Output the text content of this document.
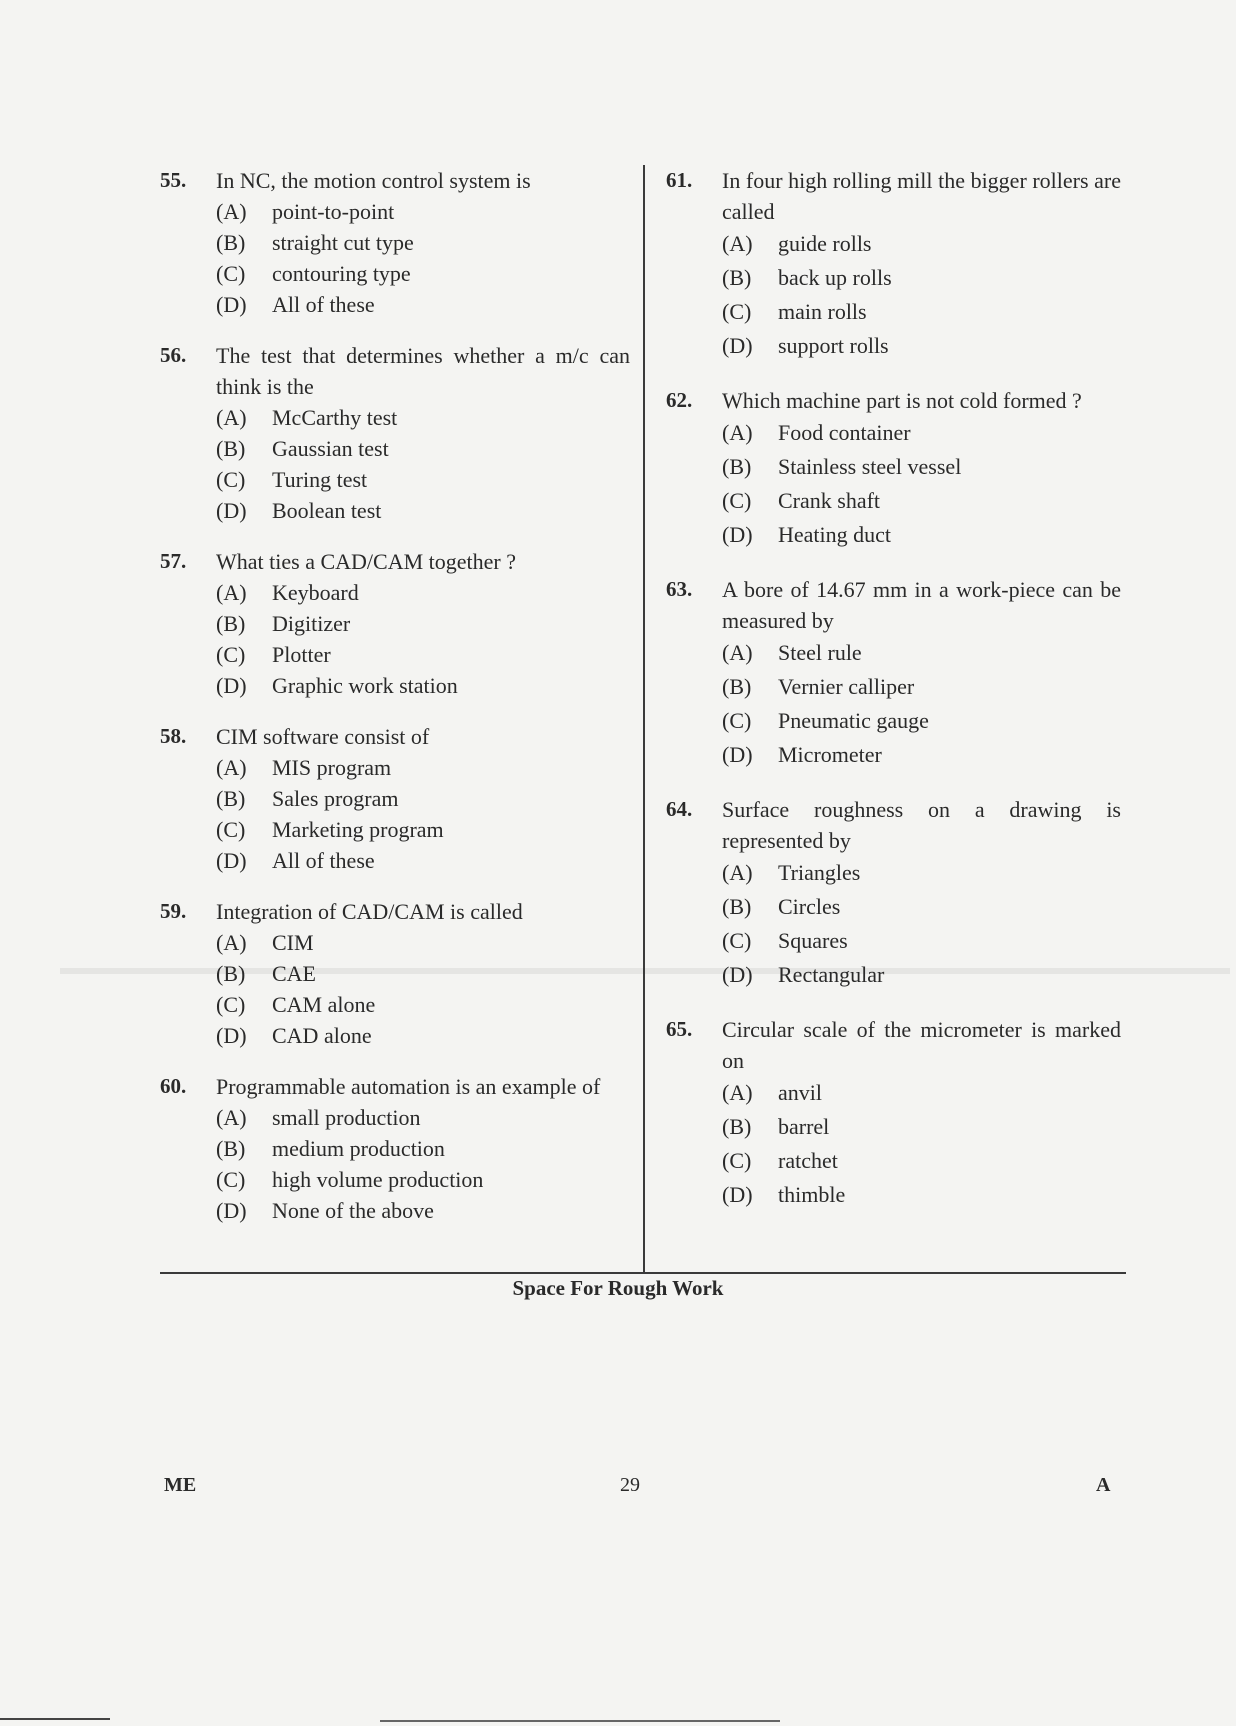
55. In NC, the motion control system is
(A) point-to-point
(B) straight cut type
(C) contouring type
(D) All of these
56. The test that determines whether a m/c can think is the
(A) McCarthy test
(B) Gaussian test
(C) Turing test
(D) Boolean test
57. What ties a CAD/CAM together ?
(A) Keyboard
(B) Digitizer
(C) Plotter
(D) Graphic work station
58. CIM software consist of
(A) MIS program
(B) Sales program
(C) Marketing program
(D) All of these
59. Integration of CAD/CAM is called
(A) CIM
(B) CAE
(C) CAM alone
(D) CAD alone
60. Programmable automation is an example of
(A) small production
(B) medium production
(C) high volume production
(D) None of the above
61. In four high rolling mill the bigger rollers are called
(A) guide rolls
(B) back up rolls
(C) main rolls
(D) support rolls
62. Which machine part is not cold formed ?
(A) Food container
(B) Stainless steel vessel
(C) Crank shaft
(D) Heating duct
63. A bore of 14.67 mm in a work-piece can be measured by
(A) Steel rule
(B) Vernier calliper
(C) Pneumatic gauge
(D) Micrometer
64. Surface roughness on a drawing is represented by
(A) Triangles
(B) Circles
(C) Squares
(D) Rectangular
65. Circular scale of the micrometer is marked on
(A) anvil
(B) barrel
(C) ratchet
(D) thimble
Space For Rough Work
ME	29	A
